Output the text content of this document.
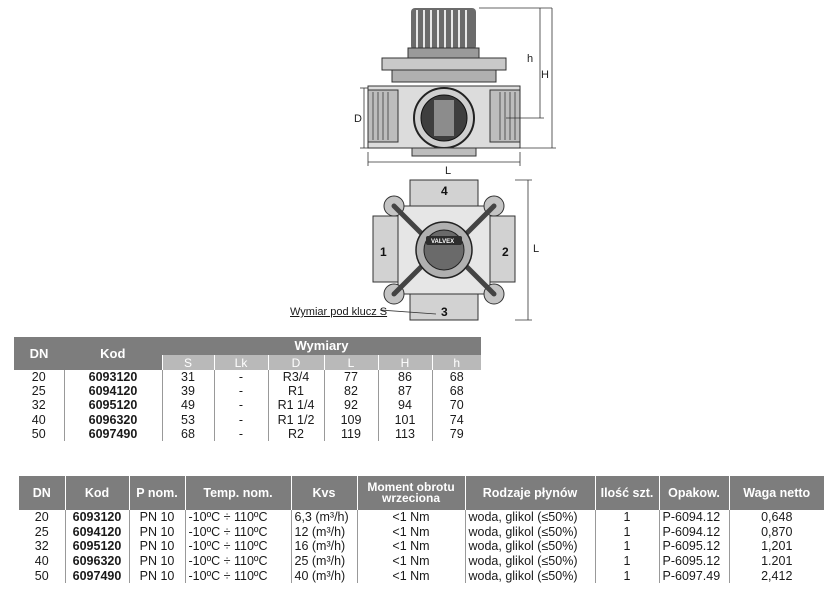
h
H
D
L
VALVEX
4
1	2
3
L
Wymiar pod klucz S
DN	Kod	Wymiary					
		S	Lk	D	L	H	h
20	6093120	31	-	R3/4	77	86	68
25	6094120	39	-	R1	82	87	68
32	6095120	49	-	R1 1/4	92	94	70
40	6096320	53	-	R1 1/2	109	101	74
50	6097490	68	-	R2	119	113	79
DN	Kod	P nom.	Temp. nom.	Kvs	Moment obrotu
wrzeciona	Rodzaje płynów	Ilość szt.	Opakow.	Waga netto
20	6093120	PN 10	-10ºC ÷ 110ºC	6,3 (m³/h)	<1 Nm	woda, glikol (≤50%)	1	P-6094.12	0,648
25	6094120	PN 10	-10ºC ÷ 110ºC	12 (m³/h)	<1 Nm	woda, glikol (≤50%)	1	P-6094.12	0,870
32	6095120	PN 10	-10ºC ÷ 110ºC	16 (m³/h)	<1 Nm	woda, glikol (≤50%)	1	P-6095.12	1,201
40	6096320	PN 10	-10ºC ÷ 110ºC	25 (m³/h)	<1 Nm	woda, glikol (≤50%)	1	P-6095.12	1.201
50	6097490	PN 10	-10ºC ÷ 110ºC	40 (m³/h)	<1 Nm	woda, glikol (≤50%)	1	P-6097.49	2,412
